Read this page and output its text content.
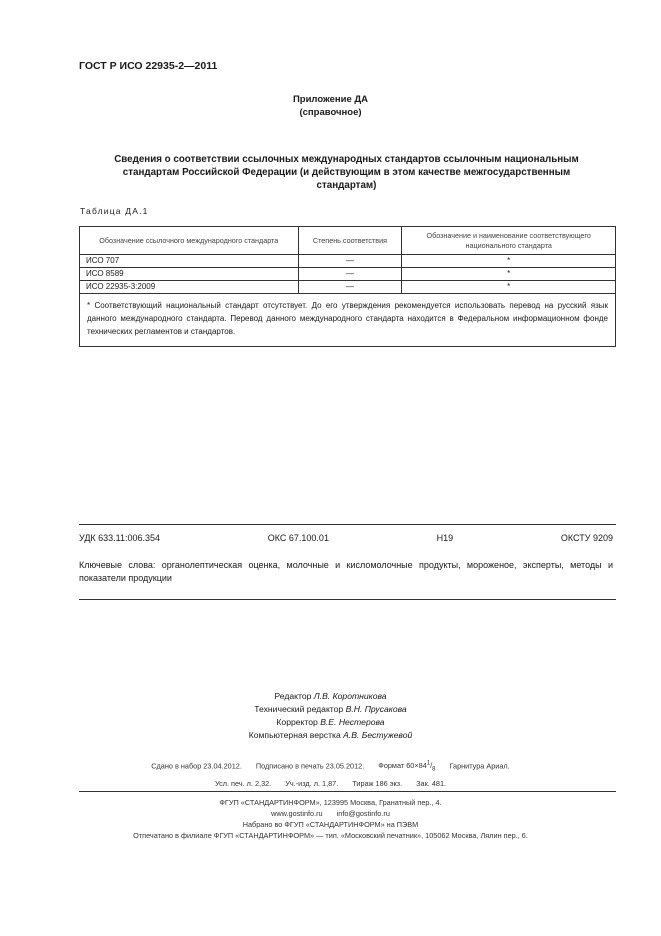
ГОСТ Р ИСО 22935-2—2011
Приложение ДА
(справочное)
Сведения о соответствии ссылочных международных стандартов ссылочным национальным
стандартам Российской Федерации (и действующим в этом качестве межгосударственным
стандартам)
Таблица ДА.1
Обозначение ссылочного международного стандарта	Степень соответствия	Обозначение и наименование соответствующего национального стандарта
ИСО 707	—	*
ИСО 8589	—	*
ИСО 22935-3:2009	—	*
* Соответствующий национальный стандарт отсутствует. До его утверждения рекомендуется использовать перевод на русский язык данного международного стандарта. Перевод данного международного стандарта находится в Федеральном информационном фонде технических регламентов и стандартов.		
УДК 633.11:006.354	ОКС 67.100.01	Н19	ОКСТУ 9209
Ключевые слова: органолептическая оценка, молочные и кисломолочные продукты, мороженое, эксперты, методы и показатели продукции
Редактор Л.В. Коротникова
Технический редактор В.Н. Прусакова
Корректор В.Е. Нестерова
Компьютерная верстка А.В. Бестужевой
Сдано в набор 23.04.2012. Подписано в печать 23.05.2012. Формат $60\times 84^1/_8$ Гарнитура Ариал.
Усл. печ. л. 2,32. Уч.-изд. л. 1,87. Тираж 186 экз. Зак. 481.
ФГУП «СТАНДАРТИНФОРМ», 123995 Москва, Гранатный пер., 4.
www.gostinfo.ru info@gostinfo.ru
Набрано во ФГУП «СТАНДАРТИНФОРМ» на ПЭВМ
Отпечатано в филиале ФГУП «СТАНДАРТИНФОРМ» — тип. «Московский печатник», 105062 Москва, Лялин пер., 6.
